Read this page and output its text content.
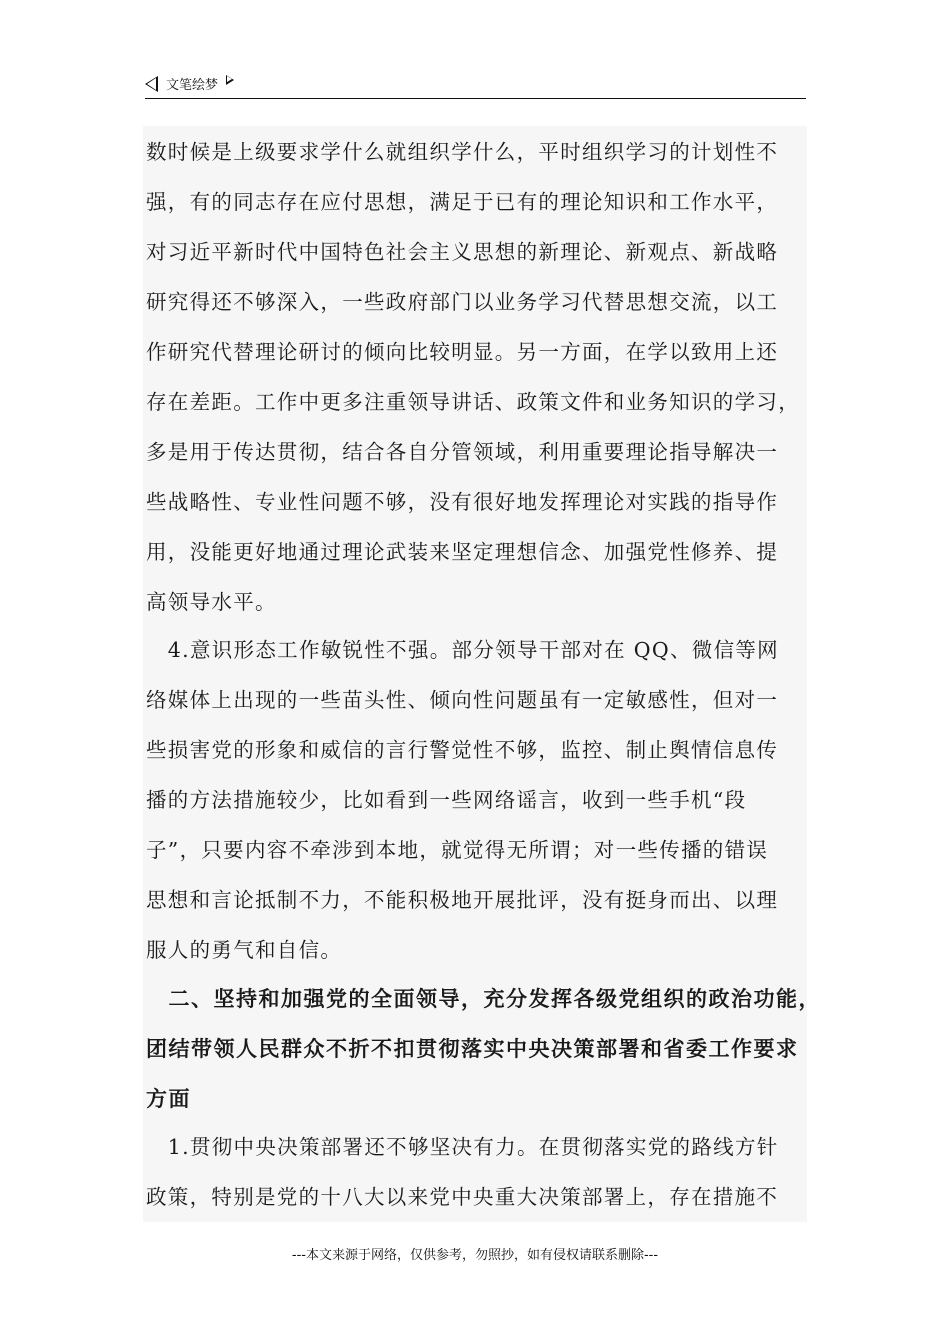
文笔绘梦
数时候是上级要求学什么就组织学什么，平时组织学习的计划性不
强，有的同志存在应付思想，满足于已有的理论知识和工作水平，
对习近平新时代中国特色社会主义思想的新理论、新观点、新战略
研究得还不够深入，一些政府部门以业务学习代替思想交流，以工
作研究代替理论研讨的倾向比较明显。另一方面，在学以致用上还
存在差距。工作中更多注重领导讲话、政策文件和业务知识的学习，
多是用于传达贯彻，结合各自分管领域，利用重要理论指导解决一
些战略性、专业性问题不够，没有很好地发挥理论对实践的指导作
用，没能更好地通过理论武装来坚定理想信念、加强党性修养、提
高领导水平。
　4.意识形态工作敏锐性不强。部分领导干部对在 QQ、微信等网
络媒体上出现的一些苗头性、倾向性问题虽有一定敏感性，但对一
些损害党的形象和威信的言行警觉性不够，监控、制止舆情信息传
播的方法措施较少，比如看到一些网络谣言，收到一些手机“段
子”，只要内容不牵涉到本地，就觉得无所谓；对一些传播的错误
思想和言论抵制不力，不能积极地开展批评，没有挺身而出、以理
服人的勇气和自信。
　二、坚持和加强党的全面领导，充分发挥各级党组织的政治功能，
团结带领人民群众不折不扣贯彻落实中央决策部署和省委工作要求
方面
　1.贯彻中央决策部署还不够坚决有力。在贯彻落实党的路线方针
政策，特别是党的十八大以来党中央重大决策部署上，存在措施不
---本文来源于网络，仅供参考，勿照抄，如有侵权请联系删除---
